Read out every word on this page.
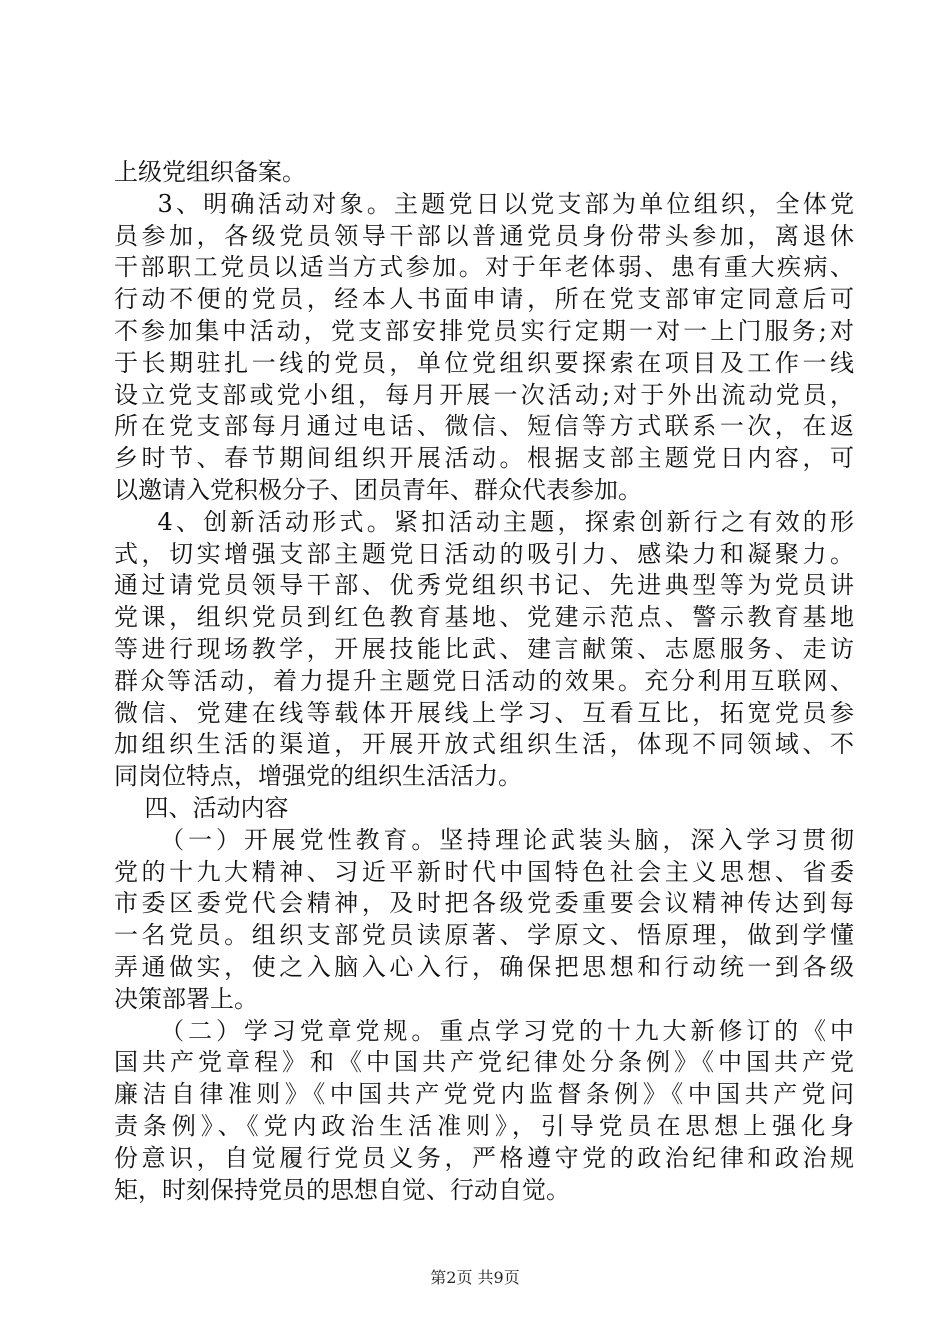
上级党组织备案。
3、明确活动对象。主题党日以党支部为单位组织，全体党
员参加，各级党员领导干部以普通党员身份带头参加，离退休
干部职工党员以适当方式参加。对于年老体弱、患有重大疾病、
行动不便的党员，经本人书面申请，所在党支部审定同意后可
不参加集中活动，党支部安排党员实行定期一对一上门服务;对
于长期驻扎一线的党员，单位党组织要探索在项目及工作一线
设立党支部或党小组，每月开展一次活动;对于外出流动党员，
所在党支部每月通过电话、微信、短信等方式联系一次，在返
乡时节、春节期间组织开展活动。根据支部主题党日内容，可
以邀请入党积极分子、团员青年、群众代表参加。
4、创新活动形式。紧扣活动主题，探索创新行之有效的形
式，切实增强支部主题党日活动的吸引力、感染力和凝聚力。
通过请党员领导干部、优秀党组织书记、先进典型等为党员讲
党课，组织党员到红色教育基地、党建示范点、警示教育基地
等进行现场教学，开展技能比武、建言献策、志愿服务、走访
群众等活动，着力提升主题党日活动的效果。充分利用互联网、
微信、党建在线等载体开展线上学习、互看互比，拓宽党员参
加组织生活的渠道，开展开放式组织生活，体现不同领域、不
同岗位特点，增强党的组织生活活力。
四、活动内容
（一）开展党性教育。坚持理论武装头脑，深入学习贯彻
党的十九大精神、习近平新时代中国特色社会主义思想、省委
市委区委党代会精神，及时把各级党委重要会议精神传达到每
一名党员。组织支部党员读原著、学原文、悟原理，做到学懂
弄通做实，使之入脑入心入行，确保把思想和行动统一到各级
决策部署上。
（二）学习党章党规。重点学习党的十九大新修订的《中
国共产党章程》和《中国共产党纪律处分条例》《中国共产党
廉洁自律准则》《中国共产党党内监督条例》《中国共产党问
责条例》、《党内政治生活准则》，引导党员在思想上强化身
份意识，自觉履行党员义务，严格遵守党的政治纪律和政治规
矩，时刻保持党员的思想自觉、行动自觉。
第2页 共9页
